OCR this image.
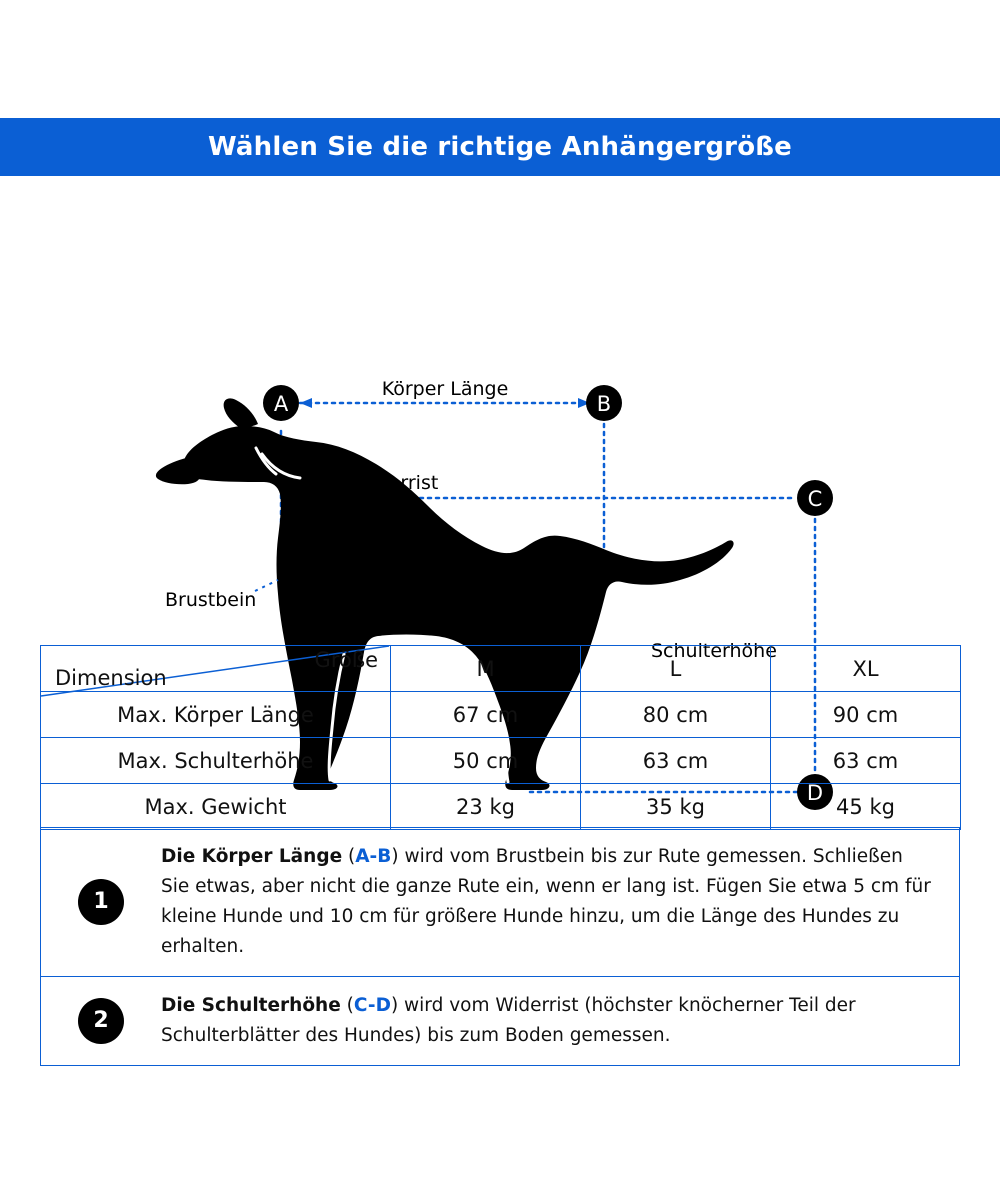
Wählen Sie die richtige Anhängergröße
A	B
C
D
Körper Länge
Widerrist
Brustbein
Schulterhöhe
Größe
Dimension	M	L	XL
Max. Körper Länge	67 cm	80 cm	90 cm
Max. Schulterhöhe	50 cm	63 cm	63 cm
Max. Gewicht	23 kg	35 kg	45 kg
1
Die Körper Länge (A-B) wird vom Brustbein bis zur Rute gemessen. Schließen Sie etwas, aber nicht die ganze Rute ein, wenn er lang ist. Fügen Sie etwa 5 cm für kleine Hunde und 10 cm für größere Hunde hinzu, um die Länge des Hundes zu erhalten.
2
Die Schulterhöhe (C-D) wird vom Widerrist (höchster knöcherner Teil der Schulterblätter des Hundes) bis zum Boden gemessen.
